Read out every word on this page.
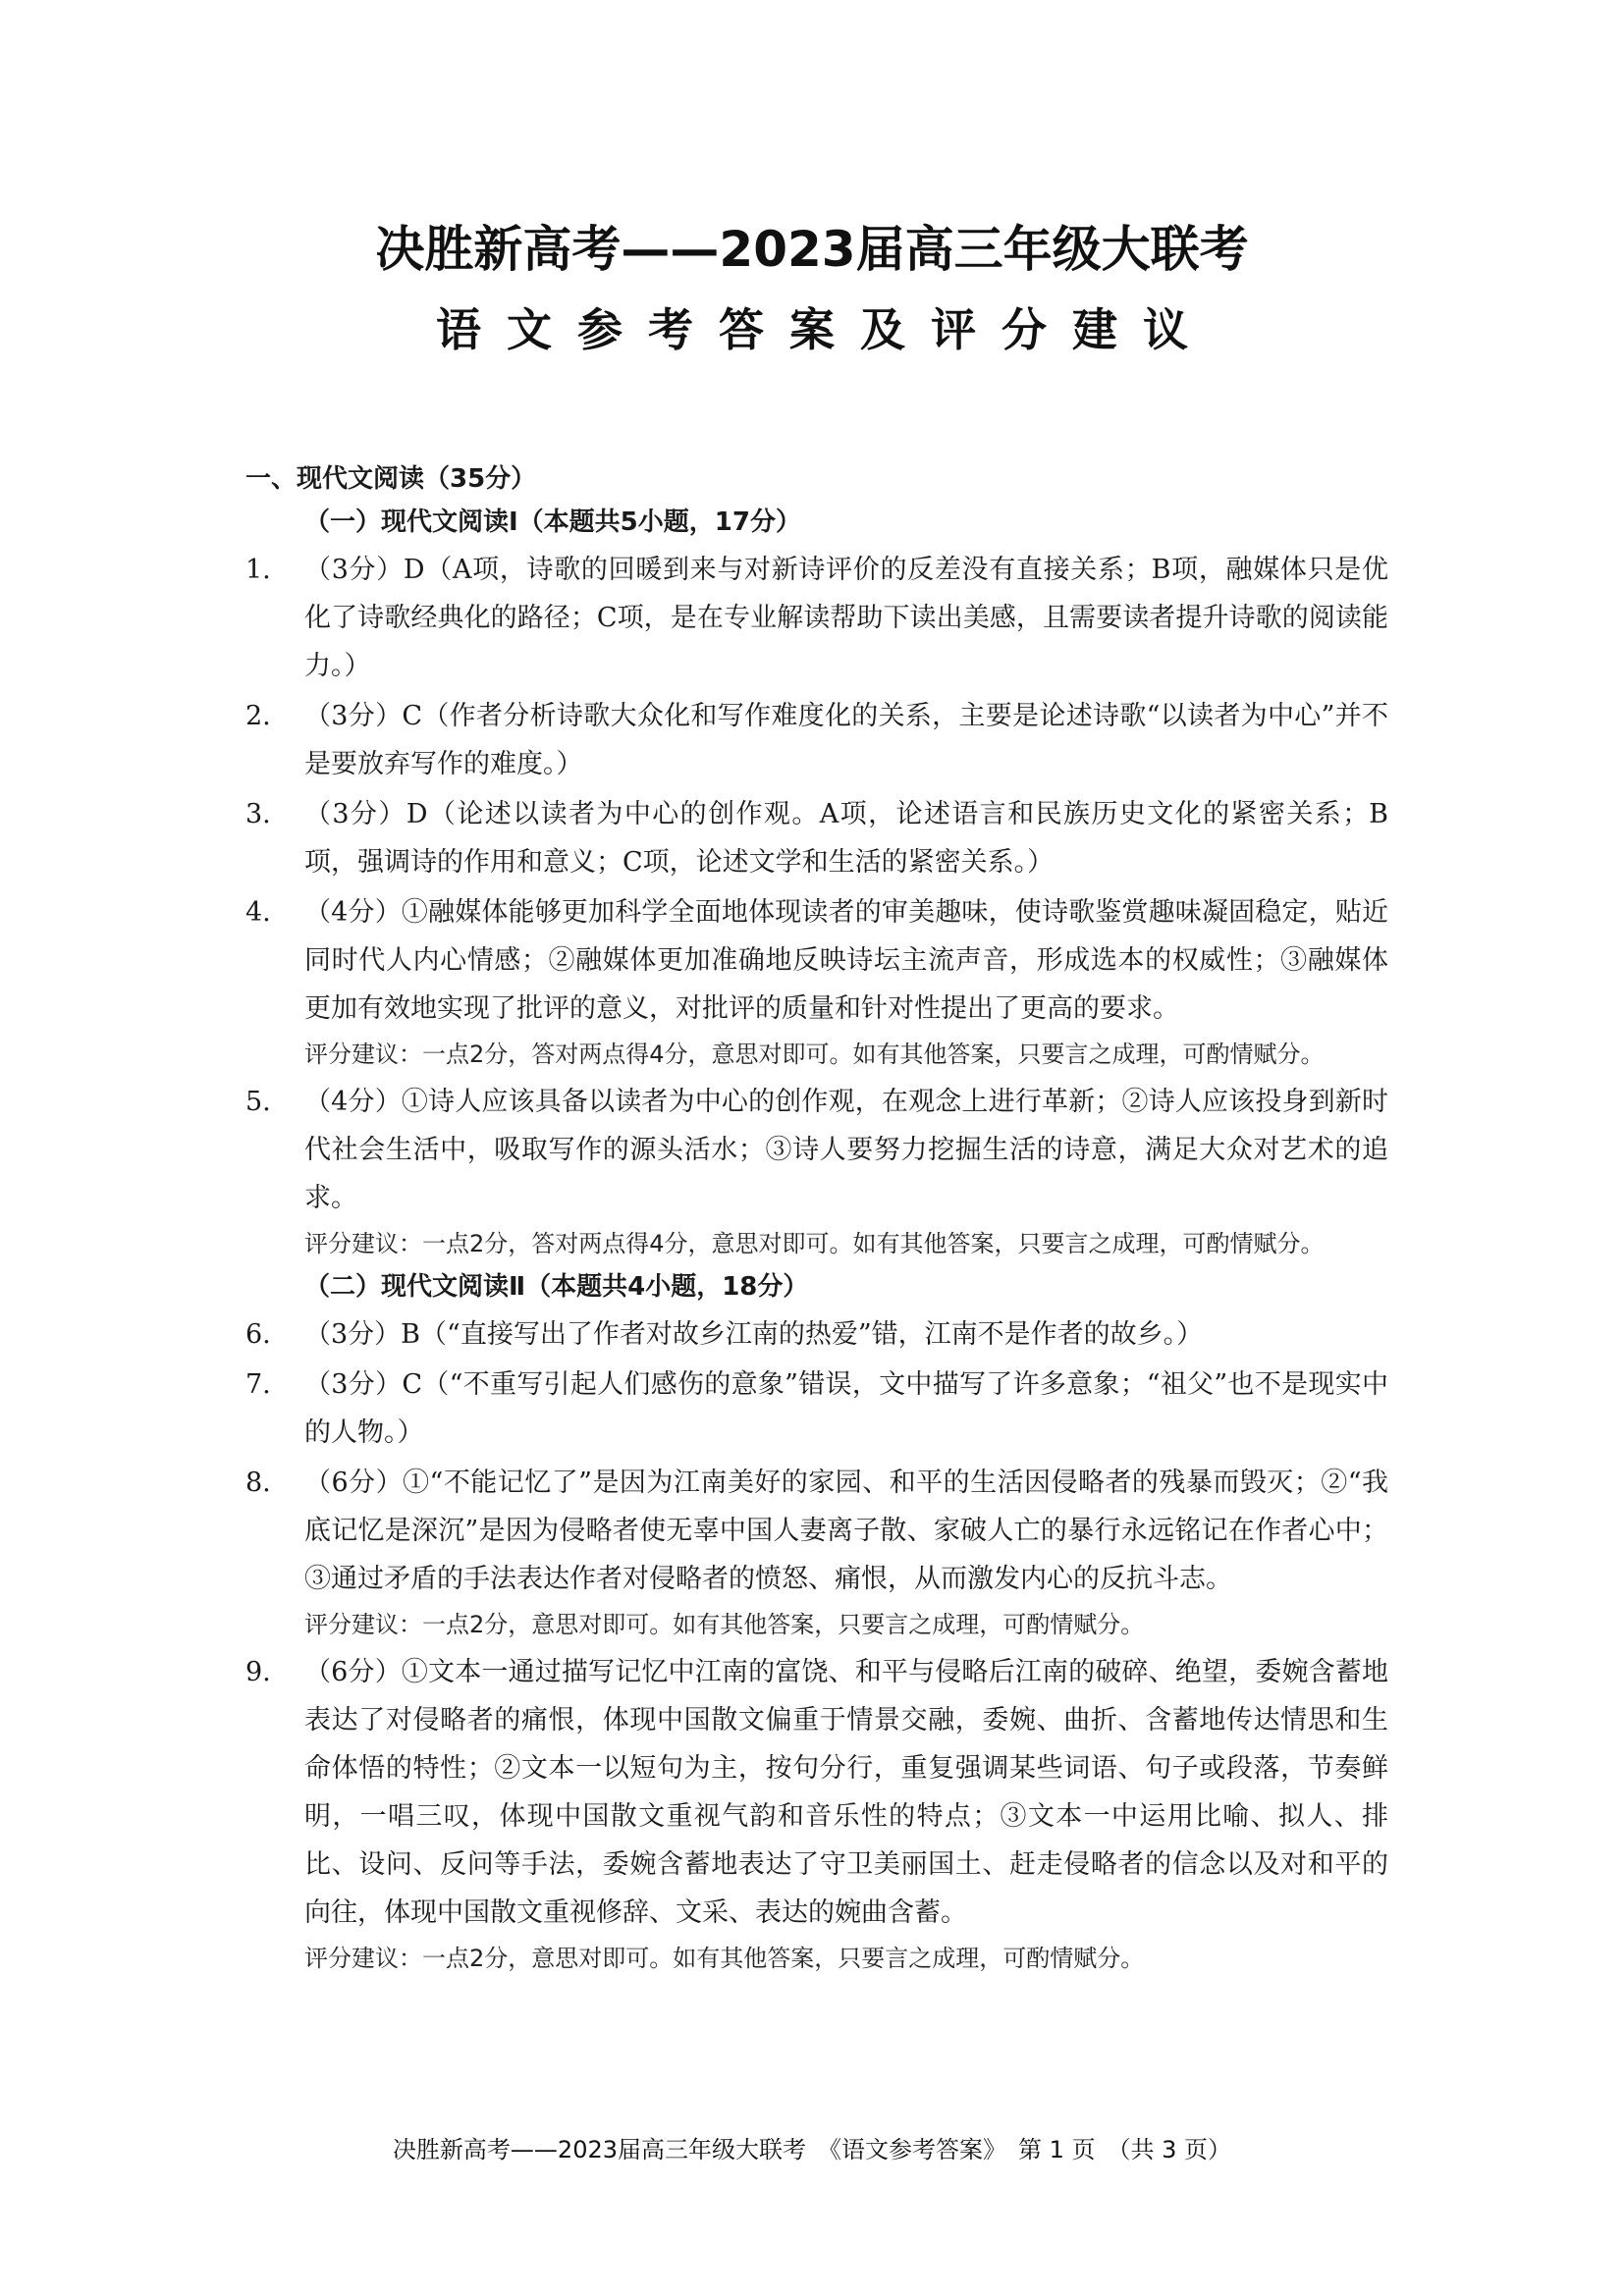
决胜新高考——2023届高三年级大联考
语文参考答案及评分建议
一、现代文阅读（35分）
（一）现代文阅读Ⅰ（本题共5小题，17分）
1.	（3分）D（A项，诗歌的回暖到来与对新诗评价的反差没有直接关系；B项，融媒体只是优化了诗歌经典化的路径；C项，是在专业解读帮助下读出美感，且需要读者提升诗歌的阅读能力。）
2.	（3分）C（作者分析诗歌大众化和写作难度化的关系，主要是论述诗歌“以读者为中心”并不是要放弃写作的难度。）
3.	（3分）D（论述以读者为中心的创作观。A项，论述语言和民族历史文化的紧密关系；B项，强调诗的作用和意义；C项，论述文学和生活的紧密关系。）
4.	（4分）①融媒体能够更加科学全面地体现读者的审美趣味，使诗歌鉴赏趣味凝固稳定，贴近同时代人内心情感；②融媒体更加准确地反映诗坛主流声音，形成选本的权威性；③融媒体更加有效地实现了批评的意义，对批评的质量和针对性提出了更高的要求。
评分建议：一点2分，答对两点得4分，意思对即可。如有其他答案，只要言之成理，可酌情赋分。
5.	（4分）①诗人应该具备以读者为中心的创作观，在观念上进行革新；②诗人应该投身到新时代社会生活中，吸取写作的源头活水；③诗人要努力挖掘生活的诗意，满足大众对艺术的追求。
评分建议：一点2分，答对两点得4分，意思对即可。如有其他答案，只要言之成理，可酌情赋分。
（二）现代文阅读Ⅱ（本题共4小题，18分）
6.	（3分）B（“直接写出了作者对故乡江南的热爱”错，江南不是作者的故乡。）
7.	（3分）C（“不重写引起人们感伤的意象”错误，文中描写了许多意象；“祖父”也不是现实中的人物。）
8.	（6分）①“不能记忆了”是因为江南美好的家园、和平的生活因侵略者的残暴而毁灭；②“我底记忆是深沉”是因为侵略者使无辜中国人妻离子散、家破人亡的暴行永远铭记在作者心中；③通过矛盾的手法表达作者对侵略者的愤怒、痛恨，从而激发内心的反抗斗志。
评分建议：一点2分，意思对即可。如有其他答案，只要言之成理，可酌情赋分。
9.	（6分）①文本一通过描写记忆中江南的富饶、和平与侵略后江南的破碎、绝望，委婉含蓄地表达了对侵略者的痛恨，体现中国散文偏重于情景交融，委婉、曲折、含蓄地传达情思和生命体悟的特性；②文本一以短句为主，按句分行，重复强调某些词语、句子或段落，节奏鲜明，一唱三叹，体现中国散文重视气韵和音乐性的特点；③文本一中运用比喻、拟人、排比、设问、反问等手法，委婉含蓄地表达了守卫美丽国土、赶走侵略者的信念以及对和平的向往，体现中国散文重视修辞、文采、表达的婉曲含蓄。
评分建议：一点2分，意思对即可。如有其他答案，只要言之成理，可酌情赋分。
决胜新高考——2023届高三年级大联考　《语文参考答案》　第 1 页　（共 3 页）
